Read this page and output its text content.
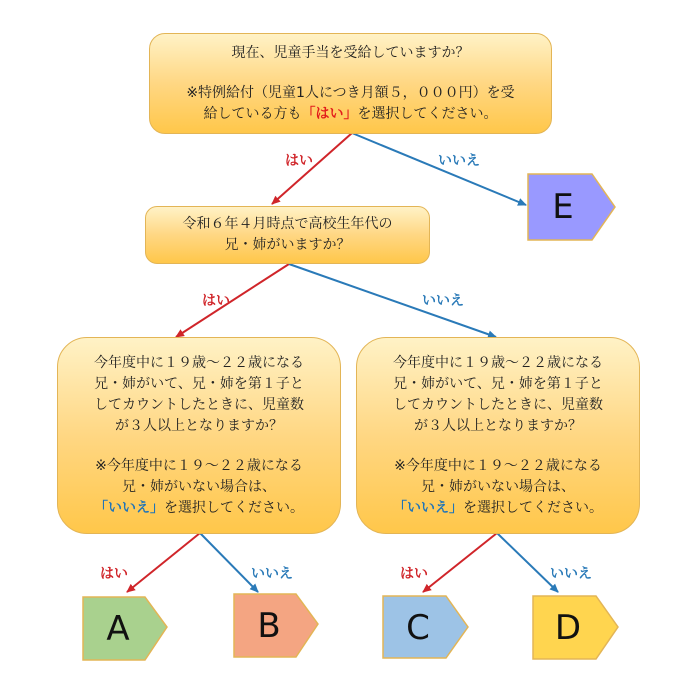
現在、児童手当を受給していますか？
※特例給付（児童1人につき月額５，０００円）を受
給している方も「はい」を選択してください。
令和６年４月時点で高校生年代の
兄・姉がいますか？
今年度中に１９歳～２２歳になる
兄・姉がいて、兄・姉を第１子と
してカウントしたときに、児童数
が３人以上となりますか？
※今年度中に１９～２２歳になる
兄・姉がいない場合は、
「いいえ」を選択してください。
今年度中に１９歳～２２歳になる
兄・姉がいて、兄・姉を第１子と
してカウントしたときに、児童数
が３人以上となりますか？
※今年度中に１９～２２歳になる
兄・姉がいない場合は、
「いいえ」を選択してください。
はい	いいえ
はい	いいえ
はい	いいえ	はい	いいえ
E
A	B	C	D
